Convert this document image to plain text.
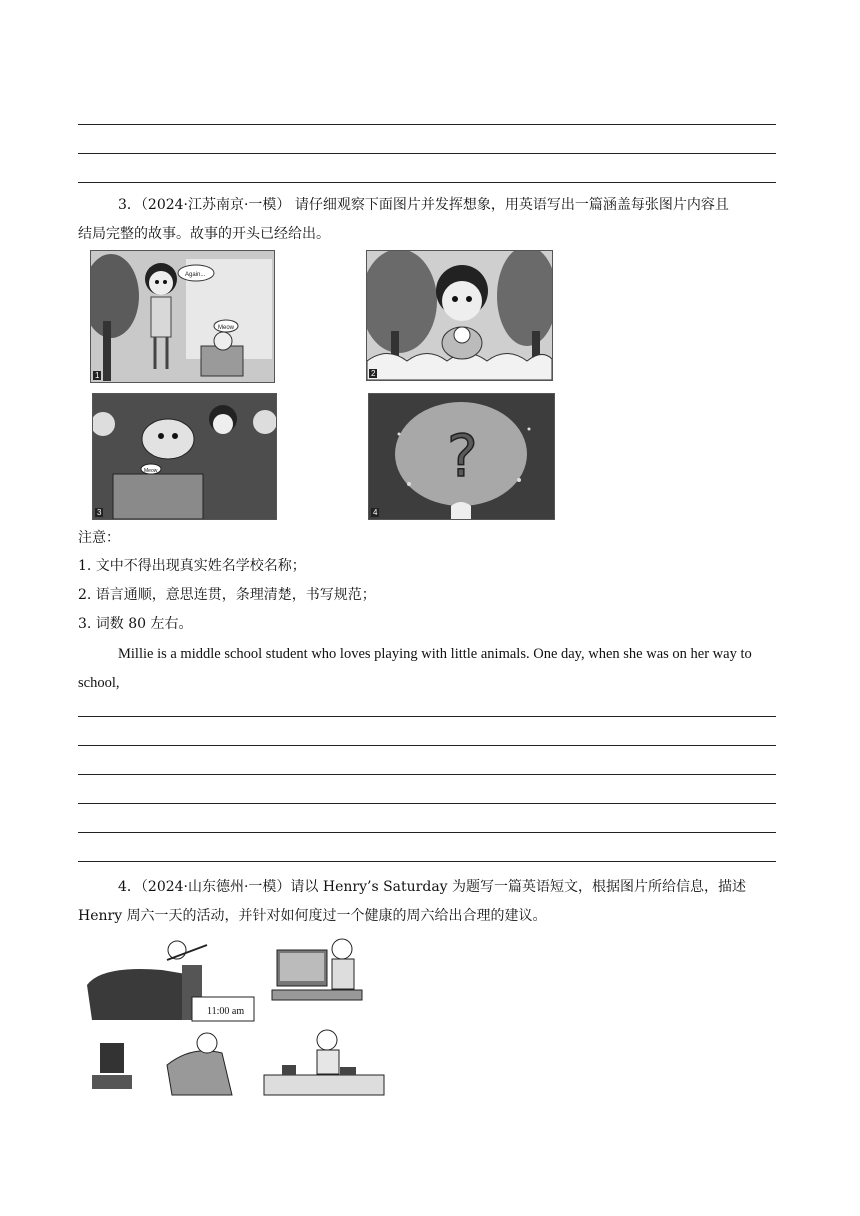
3．（2024·江苏南京·一模） 请仔细观察下面图片并发挥想象，用英语写出一篇涵盖每张图片内容且
结局完整的故事。故事的开头已经给出。
Again...
Meow
1	2
Meow
3
?
4
注意：
1. 文中不得出现真实姓名学校名称；
2. 语言通顺，意思连贯，条理清楚，书写规范；
3. 词数 80 左右。
Millie is a middle school student who loves playing with little animals. One day, when she was on her way to
school,
4．（2024·山东德州·一模）请以 Henry’s Saturday 为题写一篇英语短文，根据图片所给信息，描述
Henry 周六一天的活动，并针对如何度过一个健康的周六给出合理的建议。
11:00 am
